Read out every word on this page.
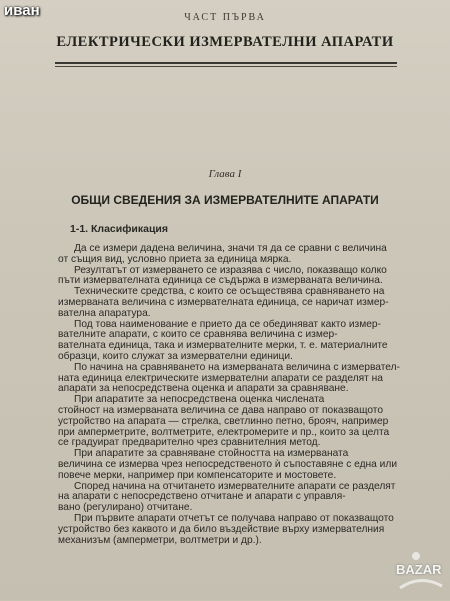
иван	ЧАСТ ПЪРВА
ЕЛЕКТРИЧЕСКИ ИЗМЕРВАТЕЛНИ АПАРАТИ
Глава I
ОБЩИ СВЕДЕНИЯ ЗА ИЗМЕРВАТЕЛНИТЕ АПАРАТИ
1-1. Класификация
Да се измери дадена величина, значи тя да се сравни с величина
от същия вид, условно приета за единица мярка.
Резултатът от измерването се изразява с число, показващо колко
пъти измервателната единица се съдържа в измерваната величина.
Техническите средства, с които се осъществява сравняването на
измерваната величина с измервателната единица, се наричат измер-
вателна апаратура.
Под това наименование е прието да се обединяват както измер-
вателните апарати, с които се сравнява величина с измер-
вателната единица, така и измервателните мерки, т. е. материалните
образци, които служат за измервателни единици.
По начина на сравняването на измерваната величина с измервател-
ната единица електрическите измервателни апарати се разделят на
апарати за непосредствена оценка и апарати за сравняване.
При апаратите за непосредствена оценка числената
стойност на измерваната величина се дава направо от показващото
устройство на апарата — стрелка, светлинно петно, брояч, например
при амперметрите, волтметрите, електромерите и пр., които за целта
се градуират предварително чрез сравнителния метод.
При апаратите за сравняване стойността на измерваната
величина се измерва чрез непосредственото ѝ съпоставяне с една или
повече мерки, например при компенсаторите и мостовете.
Според начина на отчитането измервателните апарати се разделят
на апарати с непосредствено отчитане и апарати с управля-
вано (регулирано) отчитане.
При първите апарати отчетът се получава направо от показващото
устройство без каквото и да било въздействие върху измервателния
механизъм (амперметри, волтметри и др.).
BAZAR
